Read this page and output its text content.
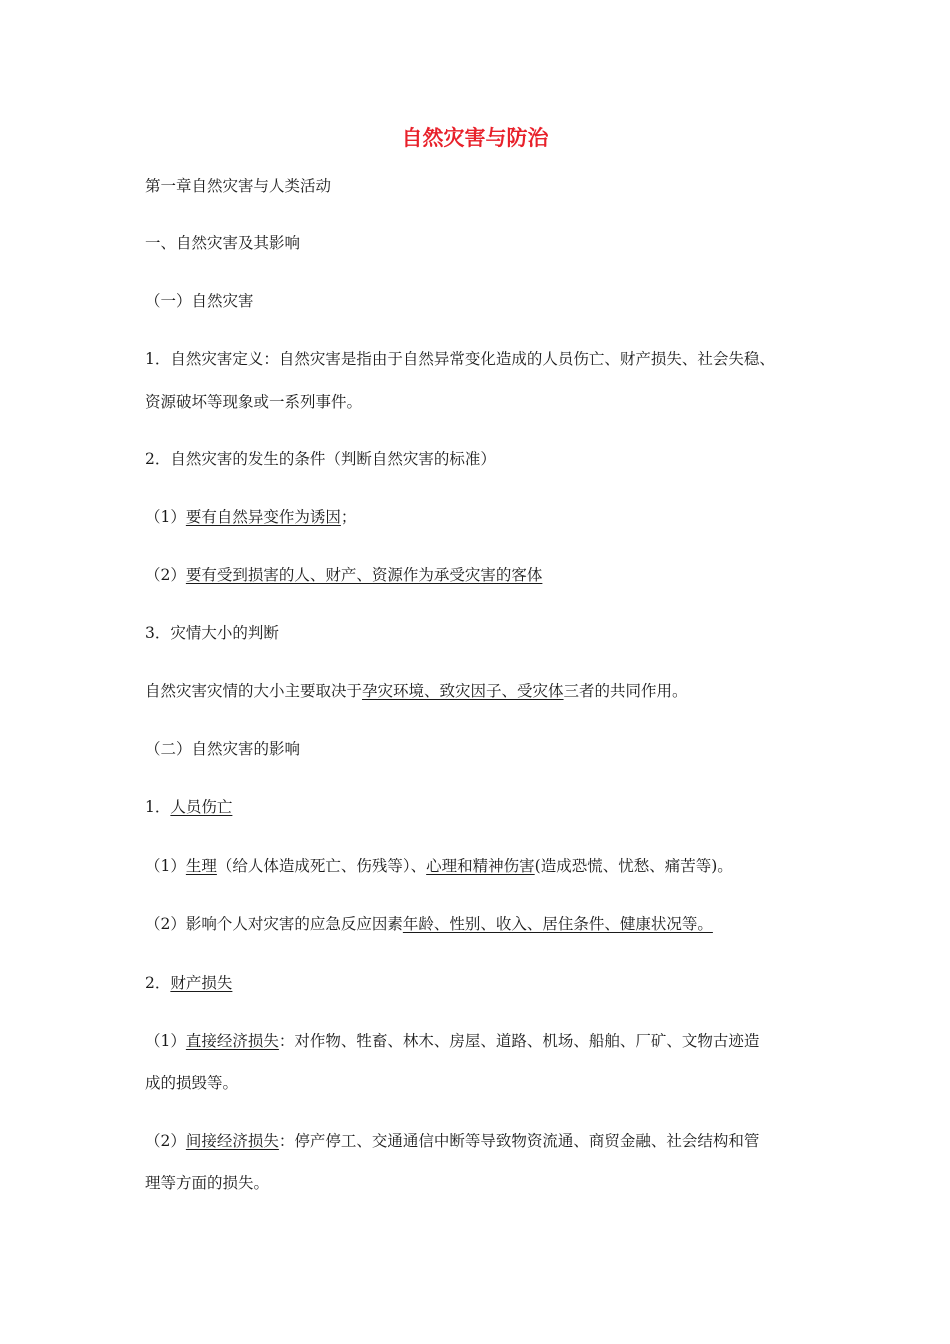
自然灾害与防治
第一章自然灾害与人类活动
一、自然灾害及其影响
（一）自然灾害
1．自然灾害定义：自然灾害是指由于自然异常变化造成的人员伤亡、财产损失、社会失稳、
资源破坏等现象或一系列事件。
2．自然灾害的发生的条件（判断自然灾害的标准）
（1）要有自然异变作为诱因；
（2）要有受到损害的人、财产、资源作为承受灾害的客体
3．灾情大小的判断
自然灾害灾情的大小主要取决于孕灾环境、致灾因子、受灾体三者的共同作用。
（二）自然灾害的影响
1．人员伤亡
（1）生理（给人体造成死亡、伤残等）、心理和精神伤害(造成恐慌、忧愁、痛苦等)。
（2）影响个人对灾害的应急反应因素年龄、性别、收入、居住条件、健康状况等。
2．财产损失
（1）直接经济损失：对作物、牲畜、林木、房屋、道路、机场、船舶、厂矿、文物古迹造
成的损毁等。
（2）间接经济损失：停产停工、交通通信中断等导致物资流通、商贸金融、社会结构和管
理等方面的损失。
